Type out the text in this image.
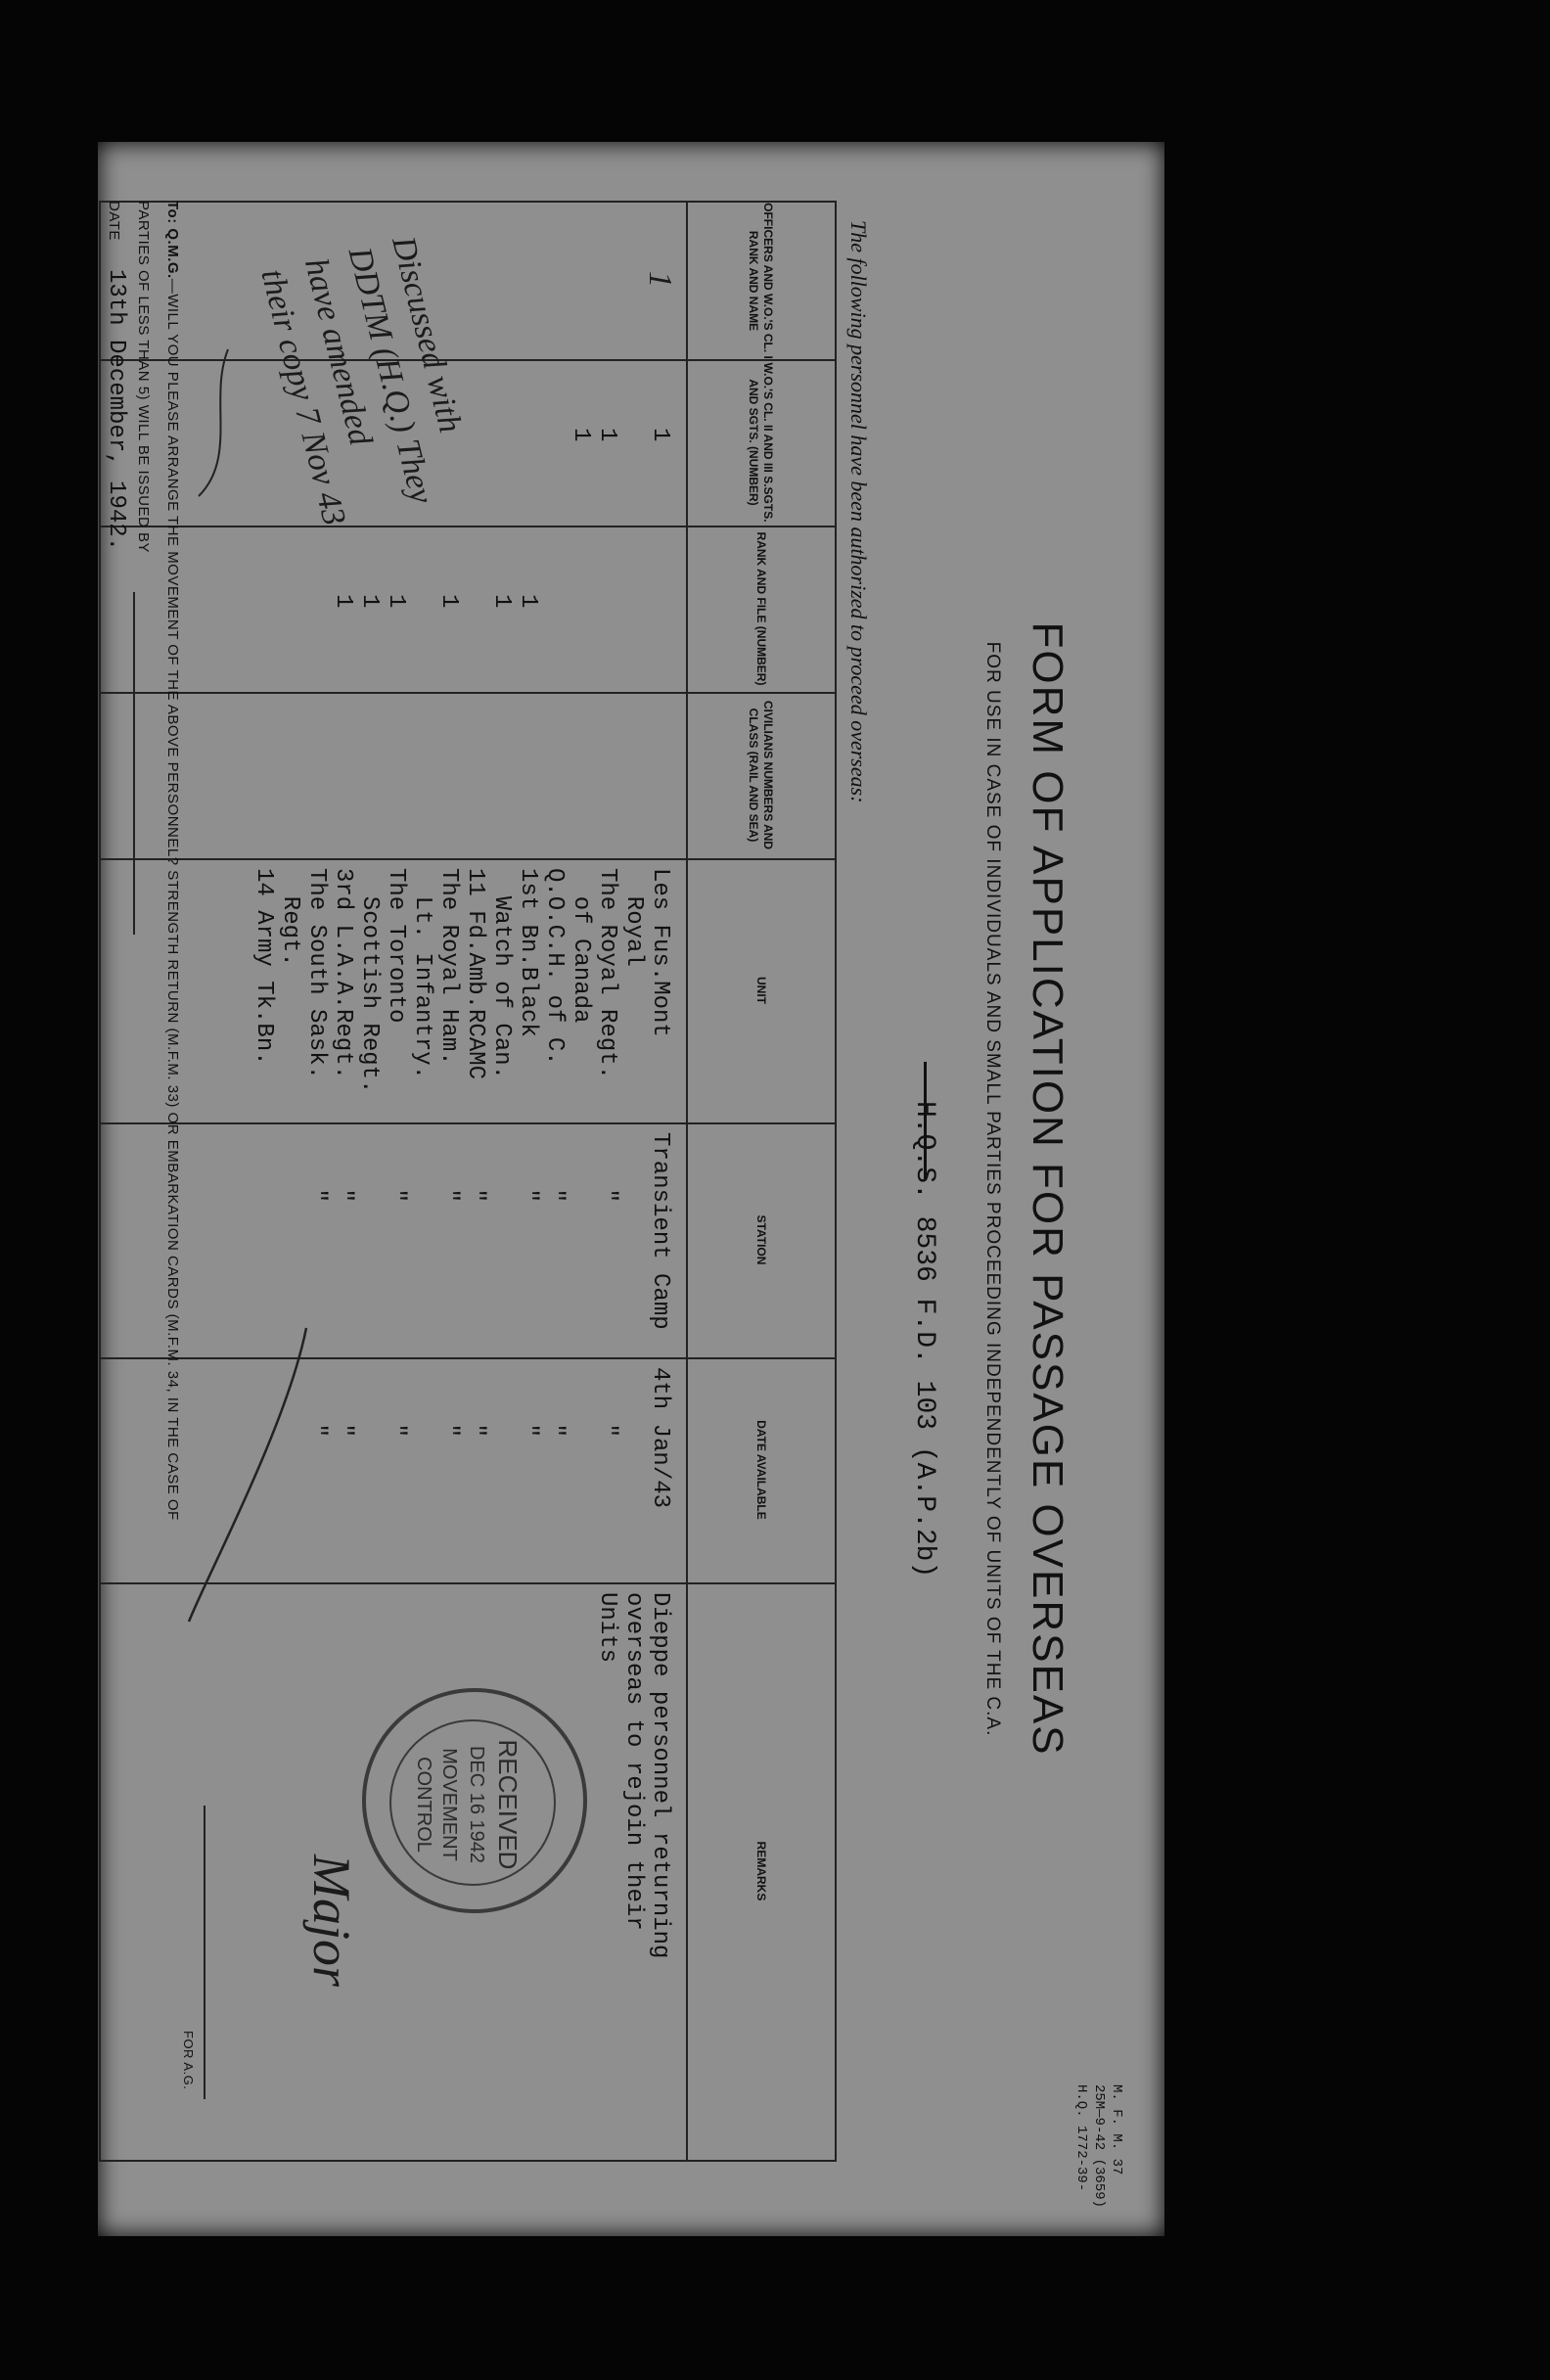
M. F. M. 37
25M—9-42 (3659)
H.Q. 1772-39-
FORM OF APPLICATION FOR PASSAGE OVERSEAS
FOR USE IN CASE OF INDIVIDUALS AND SMALL PARTIES PROCEEDING INDEPENDENTLY OF UNITS OF THE C.A.
H.Q.S. 8536 F.D. 103 (A.P.2b)
The following personnel have been authorized to proceed overseas:
OFFICERS AND W.O.'S CL. I RANK AND NAME
W.O.'S CL. II AND III S.SGTS. AND SGTS. (NUMBER)
RANK AND FILE (NUMBER)
CIVILIANS NUMBERS AND CLASS (RAIL AND SEA)
UNIT
STATION
DATE AVAILABLE
REMARKS
1
1

1
1

1
1

1

1
1
1
Les Fus.Mont
Royal
The Royal Regt.
of Canada
Q.O.C.H. of C.
1st Bn.Black
Watch of Can.
11 Fd.Amb.RCAMC
The Royal Ham.
Lt. Infantry.
The Toronto
Scottish Regt.
3rd L.A.A.Regt.
The South Sask.
Regt.
14 Army Tk.Bn.
Transient Camp

"

"
"

"
"

"

"
"
4th Jan/43

"

"
"

"
"

"

"
"
Dieppe personnel returning
overseas to rejoin their
Units
Discussed with
DDTM (H.Q.) They
have amended
their copy 7 Nov 43
RECEIVED
DEC 16 1942
MOVEMENT
CONTROL
Major
FOR A.G.
To: Q.M.G.—WILL YOU PLEASE ARRANGE THE MOVEMENT OF THE ABOVE PERSONNEL? STRENGTH RETURN (M.F.M. 33) OR EMBARKATION CARDS (M.F.M. 34, IN THE CASE OF
PARTIES OF LESS THAN 5) WILL BE ISSUED BY
DATE
13th December, 1942.
